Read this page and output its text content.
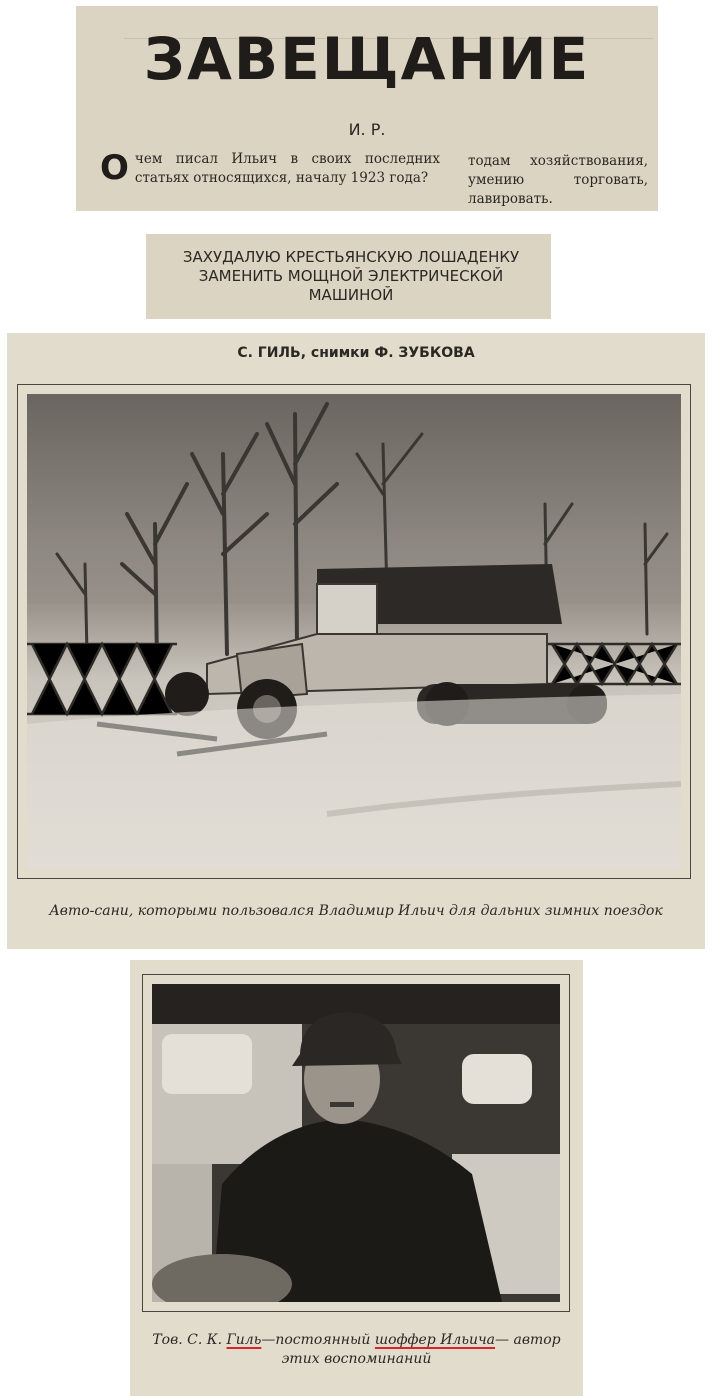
ЗАВЕЩАНИЕ
И. Р.
О чем писал Ильич в своих последних статьях относящихся, началу 1923 года?
тодам хозяйствования, умению торговать, лавировать.
ЗАХУДАЛУЮ КРЕСТЬЯНСКУЮ ЛОШАДЕНКУ ЗАМЕНИТЬ МОЩНОЙ ЭЛЕКТРИЧЕСКОЙ МАШИНОЙ
С. ГИЛЬ, снимки Ф. ЗУБКОВА
Авто-сани, которыми пользовался Владимир Ильич для дальних зимних поездок
Тов. С. К. Гиль—постоянный шоффер Ильича— автор этих воспоминаний
